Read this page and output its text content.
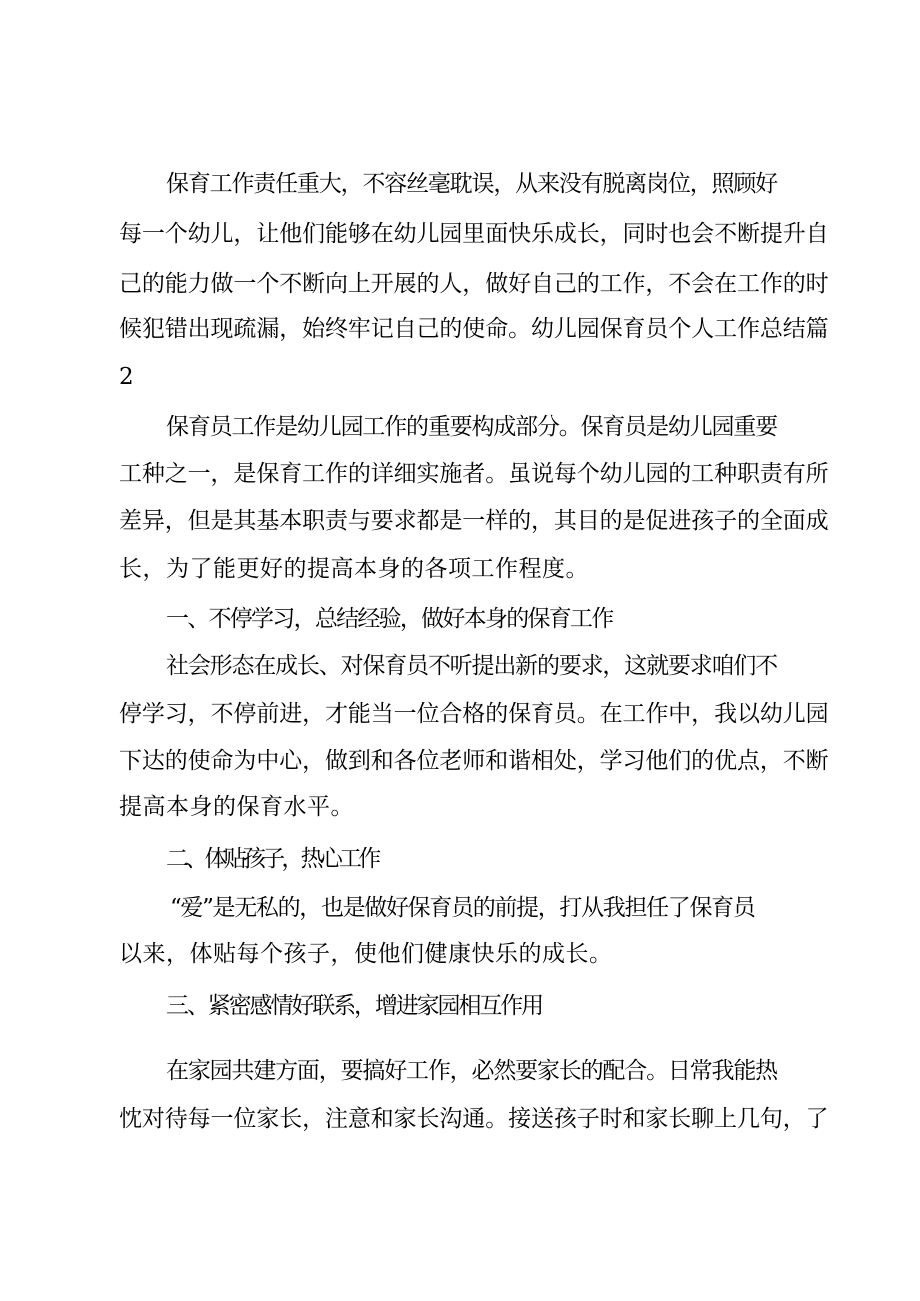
保育工作责任重大，不容丝毫耽误，从来没有脱离岗位，照顾好
每一个幼儿，让他们能够在幼儿园里面快乐成长，同时也会不断提升自
己的能力做一个不断向上开展的人，做好自己的工作，不会在工作的时
候犯错出现疏漏，始终牢记自己的使命。幼儿园保育员个人工作总结篇
2
保育员工作是幼儿园工作的重要构成部分。保育员是幼儿园重要
工种之一，是保育工作的详细实施者。虽说每个幼儿园的工种职责有所
差异，但是其基本职责与要求都是一样的，其目的是促进孩子的全面成
长，为了能更好的提高本身的各项工作程度。
一、不停学习，总结经验，做好本身的保育工作
社会形态在成长、对保育员不听提出新的要求，这就要求咱们不
停学习，不停前进，才能当一位合格的保育员。在工作中，我以幼儿园
下达的使命为中心，做到和各位老师和谐相处，学习他们的优点，不断
提高本身的保育水平。
二、体贴孩子，热心工作
“爱”是无私的，也是做好保育员的前提，打从我担任了保育员
以来，体贴每个孩子，使他们健康快乐的成长。
三、紧密感情好联系，增进家园相互作用
在家园共建方面，要搞好工作，必然要家长的配合。日常我能热
忱对待每一位家长，注意和家长沟通。接送孩子时和家长聊上几句，了
